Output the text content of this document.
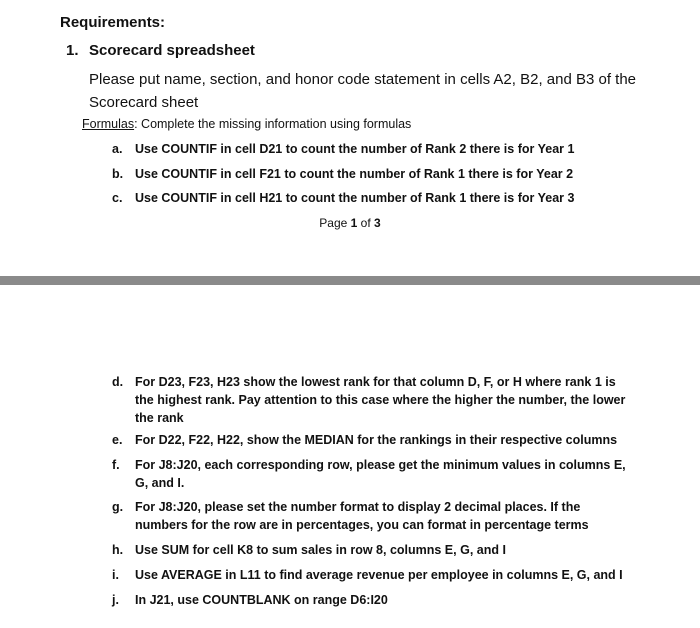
Requirements:
1. Scorecard spreadsheet
Please put name, section, and honor code statement in cells A2, B2, and B3 of the Scorecard sheet
Formulas: Complete the missing information using formulas
a.	Use COUNTIF in cell D21 to count the number of Rank 2 there is for Year 1
b. Use COUNTIF in cell F21 to count the number of Rank 1 there is for Year 2
c.	Use COUNTIF in cell H21 to count the number of Rank 1 there is for Year 3
Page 1 of 3
d. For D23, F23, H23 show the lowest rank for that column D, F, or H where rank 1 is the highest rank. Pay attention to this case where the higher the number, the lower the rank
e.	For D22, F22, H22, show the MEDIAN for the rankings in their respective columns
f.	For J8:J20, each corresponding row, please get the minimum values in columns E, G, and I.
g. For J8:J20, please set the number format to display 2 decimal places. If the numbers for the row are in percentages, you can format in percentage terms
h. Use SUM for cell K8 to sum sales in row 8, columns E, G, and I
i.	Use AVERAGE in L11 to find average revenue per employee in columns E, G, and I
j.	In J21, use COUNTBLANK on range D6:I20
